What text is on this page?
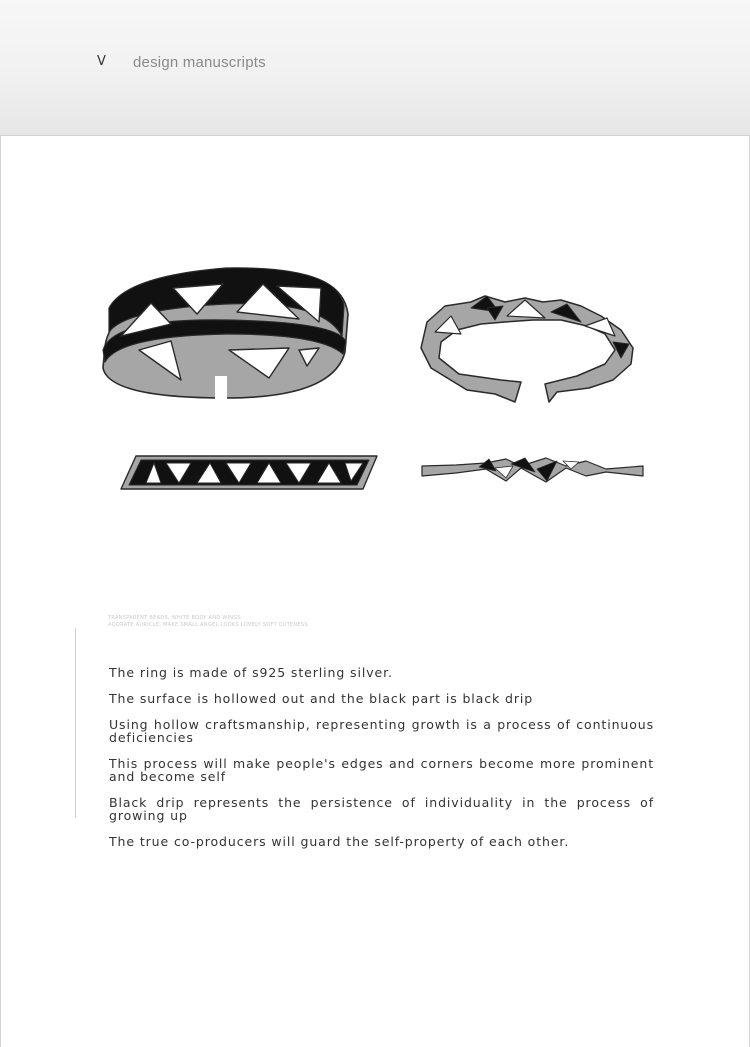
V design manuscripts
TRANSPARENT BEADS, WHITE BODY AND WINGS
ADORATE AURICLE, MAKE SMALL ANGEL LOOKS LOVELY SOFT CUTENESS

The ring is made of s925 sterling silver.

The surface is hollowed out and the black part is black drip

Using hollow craftsmanship, representing growth is a process of continuous deficiencies

This process will make people's edges and corners become more prominent and become self

Black drip represents the persistence of individuality in the process of growing up

The true co-producers will guard the self-property of each other.
